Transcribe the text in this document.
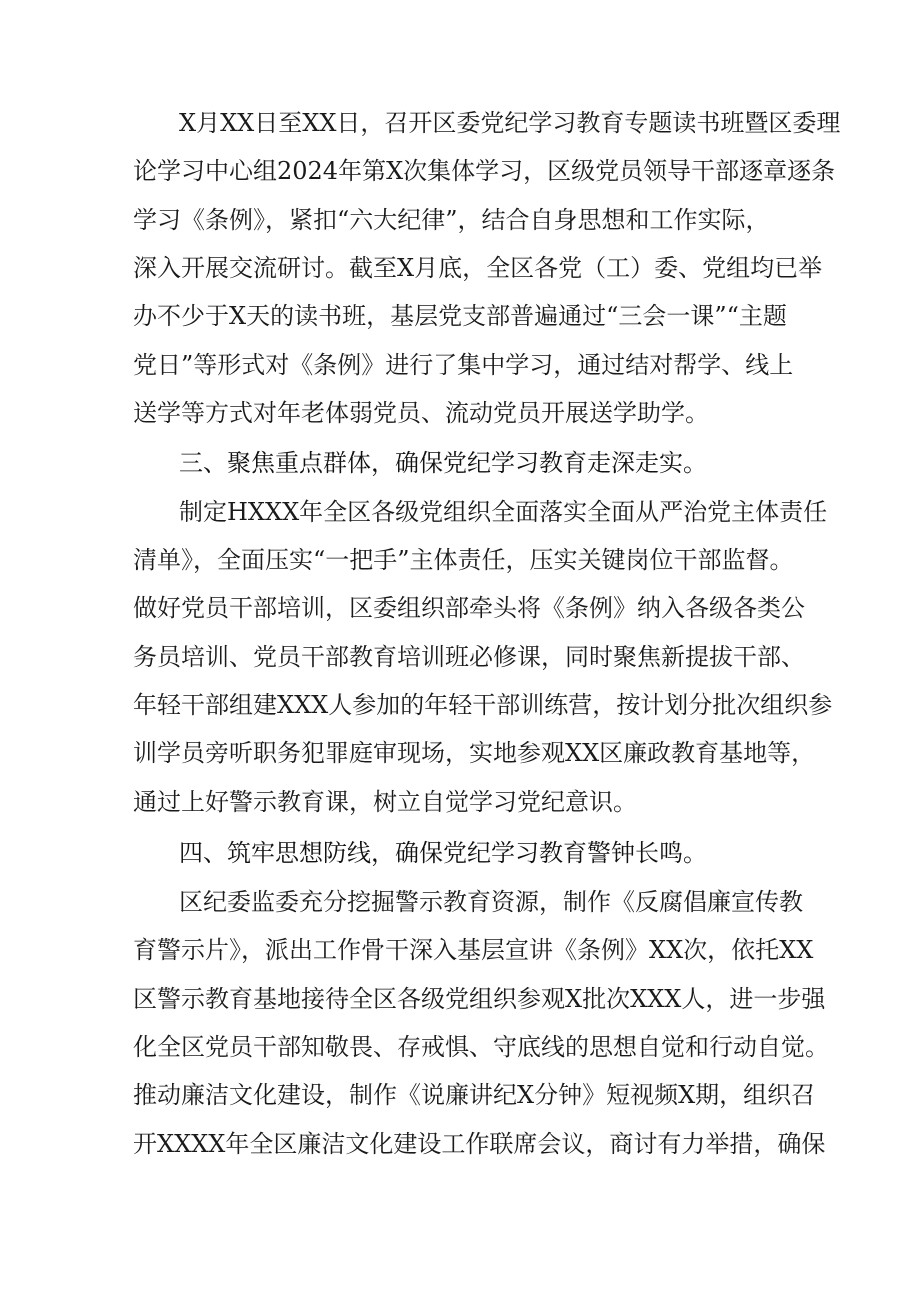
X月XX日至XX日，召开区委党纪学习教育专题读书班暨区委理
论学习中心组2024年第X次集体学习，区级党员领导干部逐章逐条
学习《条例》，紧扣“六大纪律”，结合自身思想和工作实际，
深入开展交流研讨。截至X月底，全区各党（工）委、党组均已举
办不少于X天的读书班，基层党支部普遍通过“三会一课”“主题
党日”等形式对《条例》进行了集中学习，通过结对帮学、线上
送学等方式对年老体弱党员、流动党员开展送学助学。
三、聚焦重点群体，确保党纪学习教育走深走实。
制定HXXX年全区各级党组织全面落实全面从严治党主体责任
清单》，全面压实“一把手”主体责任，压实关键岗位干部监督。
做好党员干部培训，区委组织部牵头将《条例》纳入各级各类公
务员培训、党员干部教育培训班必修课，同时聚焦新提拔干部、
年轻干部组建XXX人参加的年轻干部训练营，按计划分批次组织参
训学员旁听职务犯罪庭审现场，实地参观XX区廉政教育基地等，
通过上好警示教育课，树立自觉学习党纪意识。
四、筑牢思想防线，确保党纪学习教育警钟长鸣。
区纪委监委充分挖掘警示教育资源，制作《反腐倡廉宣传教
育警示片》，派出工作骨干深入基层宣讲《条例》XX次，依托XX
区警示教育基地接待全区各级党组织参观X批次XXX人，进一步强
化全区党员干部知敬畏、存戒惧、守底线的思想自觉和行动自觉。
推动廉洁文化建设，制作《说廉讲纪X分钟》短视频X期，组织召
开XXXX年全区廉洁文化建设工作联席会议，商讨有力举措，确保
